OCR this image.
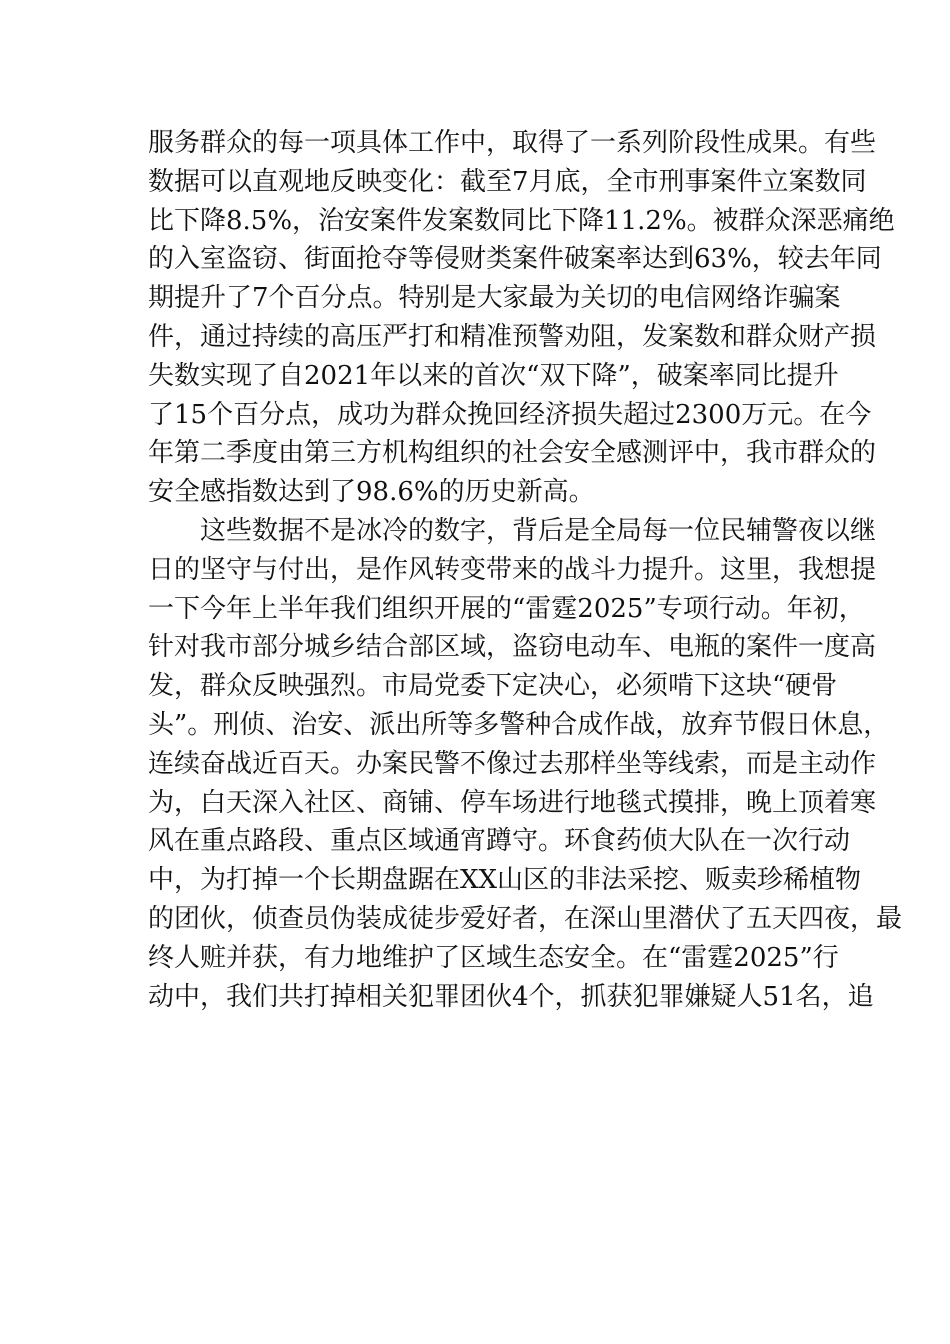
服务群众的每一项具体工作中，取得了一系列阶段性成果。有些
数据可以直观地反映变化：截至7月底，全市刑事案件立案数同
比下降8.5%，治安案件发案数同比下降11.2%。被群众深恶痛绝
的入室盗窃、街面抢夺等侵财类案件破案率达到63%，较去年同
期提升了7个百分点。特别是大家最为关切的电信网络诈骗案
件，通过持续的高压严打和精准预警劝阻，发案数和群众财产损
失数实现了自2021年以来的首次“双下降”，破案率同比提升
了15个百分点，成功为群众挽回经济损失超过2300万元。在今
年第二季度由第三方机构组织的社会安全感测评中，我市群众的
安全感指数达到了98.6%的历史新高。
这些数据不是冰冷的数字，背后是全局每一位民辅警夜以继
日的坚守与付出，是作风转变带来的战斗力提升。这里，我想提
一下今年上半年我们组织开展的“雷霆2025”专项行动。年初，
针对我市部分城乡结合部区域，盗窃电动车、电瓶的案件一度高
发，群众反映强烈。市局党委下定决心，必须啃下这块“硬骨
头”。刑侦、治安、派出所等多警种合成作战，放弃节假日休息，
连续奋战近百天。办案民警不像过去那样坐等线索，而是主动作
为，白天深入社区、商铺、停车场进行地毯式摸排，晚上顶着寒
风在重点路段、重点区域通宵蹲守。环食药侦大队在一次行动
中，为打掉一个长期盘踞在XX山区的非法采挖、贩卖珍稀植物
的团伙，侦查员伪装成徒步爱好者，在深山里潜伏了五天四夜，最
终人赃并获，有力地维护了区域生态安全。在“雷霆2025”行
动中，我们共打掉相关犯罪团伙4个，抓获犯罪嫌疑人51名，追
